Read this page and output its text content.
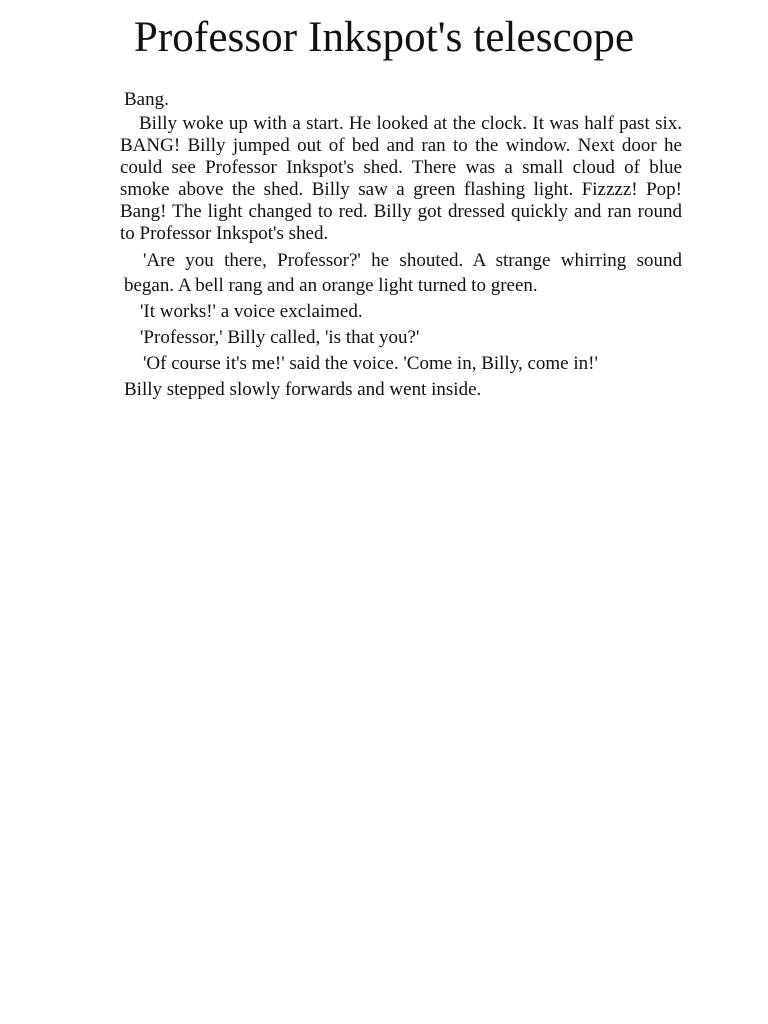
Professor Inkspot's telescope

Bang.

Billy woke up with a start. He looked at the clock. It was half past six. BANG! Billy jumped out of bed and ran to the window. Next door he could see Professor Inkspot's shed. There was a small cloud of blue smoke above the shed. Billy saw a green flashing light. Fizzzz! Pop! Bang! The light changed to red. Billy got dressed quickly and ran round to Professor Inkspot's shed.

'Are you there, Professor?' he shouted. A strange whirring sound began. A bell rang and an orange light turned to green.

'It works!' a voice exclaimed.

'Professor,' Billy called, 'is that you?'

'Of course it's me!' said the voice. 'Come in, Billy, come in!'

Billy stepped slowly forwards and went inside.
